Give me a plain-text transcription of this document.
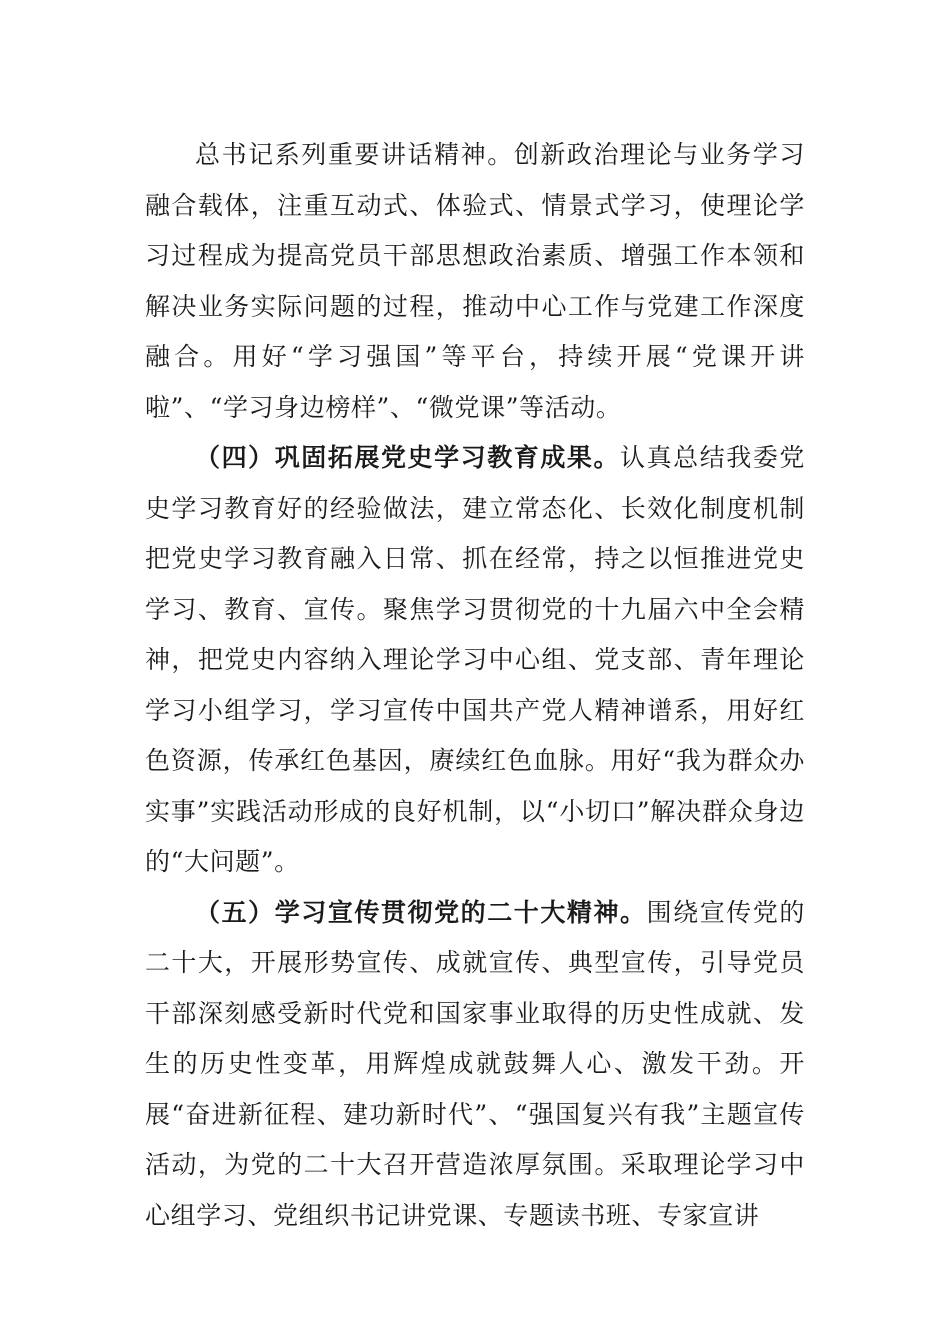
总书记系列重要讲话精神。创新政治理论与业务学习融合载体，注重互动式、体验式、情景式学习，使理论学习过程成为提高党员干部思想政治素质、增强工作本领和解决业务实际问题的过程，推动中心工作与党建工作深度融合。用好“学习强国”等平台，持续开展“党课开讲啦”、“学习身边榜样”、“微党课”等活动。

（四）巩固拓展党史学习教育成果。认真总结我委党史学习教育好的经验做法，建立常态化、长效化制度机制把党史学习教育融入日常、抓在经常，持之以恒推进党史学习、教育、宣传。聚焦学习贯彻党的十九届六中全会精神，把党史内容纳入理论学习中心组、党支部、青年理论学习小组学习，学习宣传中国共产党人精神谱系，用好红色资源，传承红色基因，赓续红色血脉。用好“我为群众办实事”实践活动形成的良好机制，以“小切口”解决群众身边的“大问题”。

（五）学习宣传贯彻党的二十大精神。围绕宣传党的二十大，开展形势宣传、成就宣传、典型宣传，引导党员干部深刻感受新时代党和国家事业取得的历史性成就、发生的历史性变革，用辉煌成就鼓舞人心、激发干劲。开展“奋进新征程、建功新时代”、“强国复兴有我”主题宣传活动，为党的二十大召开营造浓厚氛围。采取理论学习中心组学习、党组织书记讲党课、专题读书班、专家宣讲
